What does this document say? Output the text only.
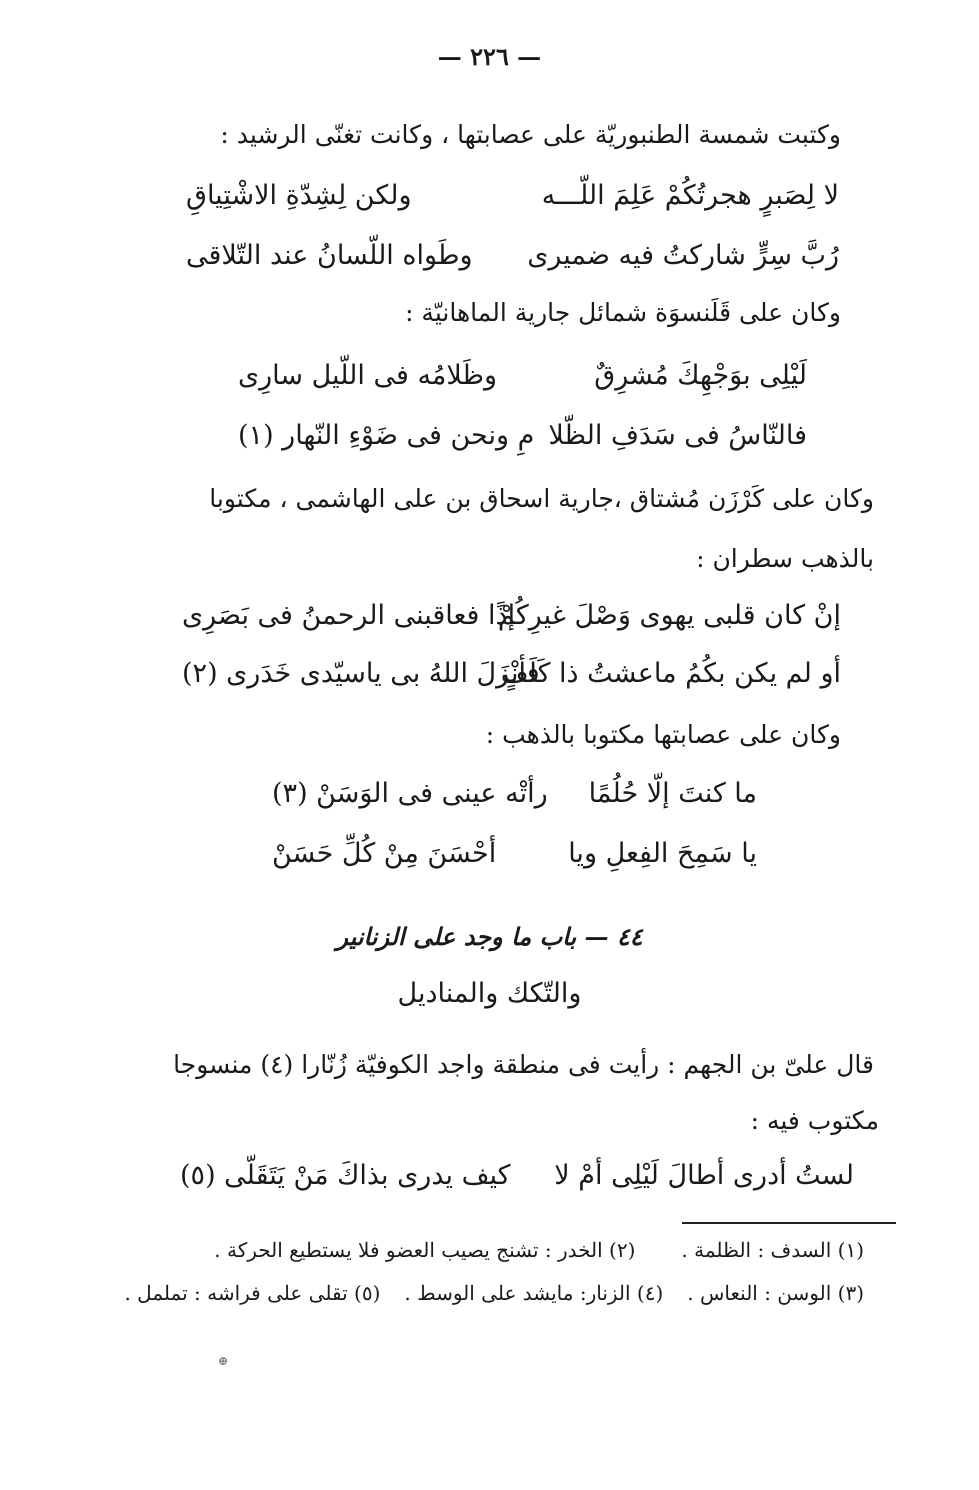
— ٢٢٦ —
وكتبت شمسة الطنبوريّة على عصابتها ، وكانت تغنّى الرشيد :
لا لِصَبرٍ هجرتُكُمْ عَلِمَ اللّـــه
ولكن لِشِدّةِ الاشْتِياقِ
رُبَّ سِرٍّ شاركتُ فيه ضميرى
وطَواه اللّسانُ عند التّلاقى
وكان على قَلَنسوَة شمائل جارية الماهانيّة :
لَيْلِى بوَجْهِكَ مُشرِقٌ
وظَلامُه فى اللّيل سارِى
فالنّاسُ فى سَدَفِ الظّلا
مِ ونحن فى ضَوْءِ النّهار (١)
وكان على كَرْزَن مُشتاق ،جارية اسحاق بن على الهاشمى ، مكتوبا
بالذهب سطران :
إنْ كان قلبى يهوى وَصْلَ غيرِكُمْ
إذًا فعاقبنى الرحمنُ فى بَصَرِى
أو لم يكن بكُمُ ماعشتُ ذا كَلَفٍ
فأنْزَلَ اللهُ بى ياسيّدى خَدَرى (٢)
وكان على عصابتها مكتوبا بالذهب :
ما كنتَ إلّا حُلُمًا
رأتْه عينى فى الوَسَنْ (٣)
يا سَمِحَ الفِعلِ ويا
أحْسَنَ مِنْ كُلِّ حَسَنْ
٤٤ — باب ما وجد على الزنانير
والتّكك والمناديل
قال علىّ بن الجهم : رأيت فى منطقة واجد الكوفيّة زُنّارا (٤) منسوجا
مكتوب فيه :
لستُ أدرى أطالَ لَيْلِى أمْ لا
كيف يدرى بذاكَ مَنْ يَتَقَلّى (٥)
(١) السدف : الظلمة .(٢) الخدر : تشنج يصيب العضو فلا يستطيع الحركة .
(٣) الوسن : النعاس .(٤) الزنار: مايشد على الوسط .(٥) تقلى على فراشه : تململ .
⊕
